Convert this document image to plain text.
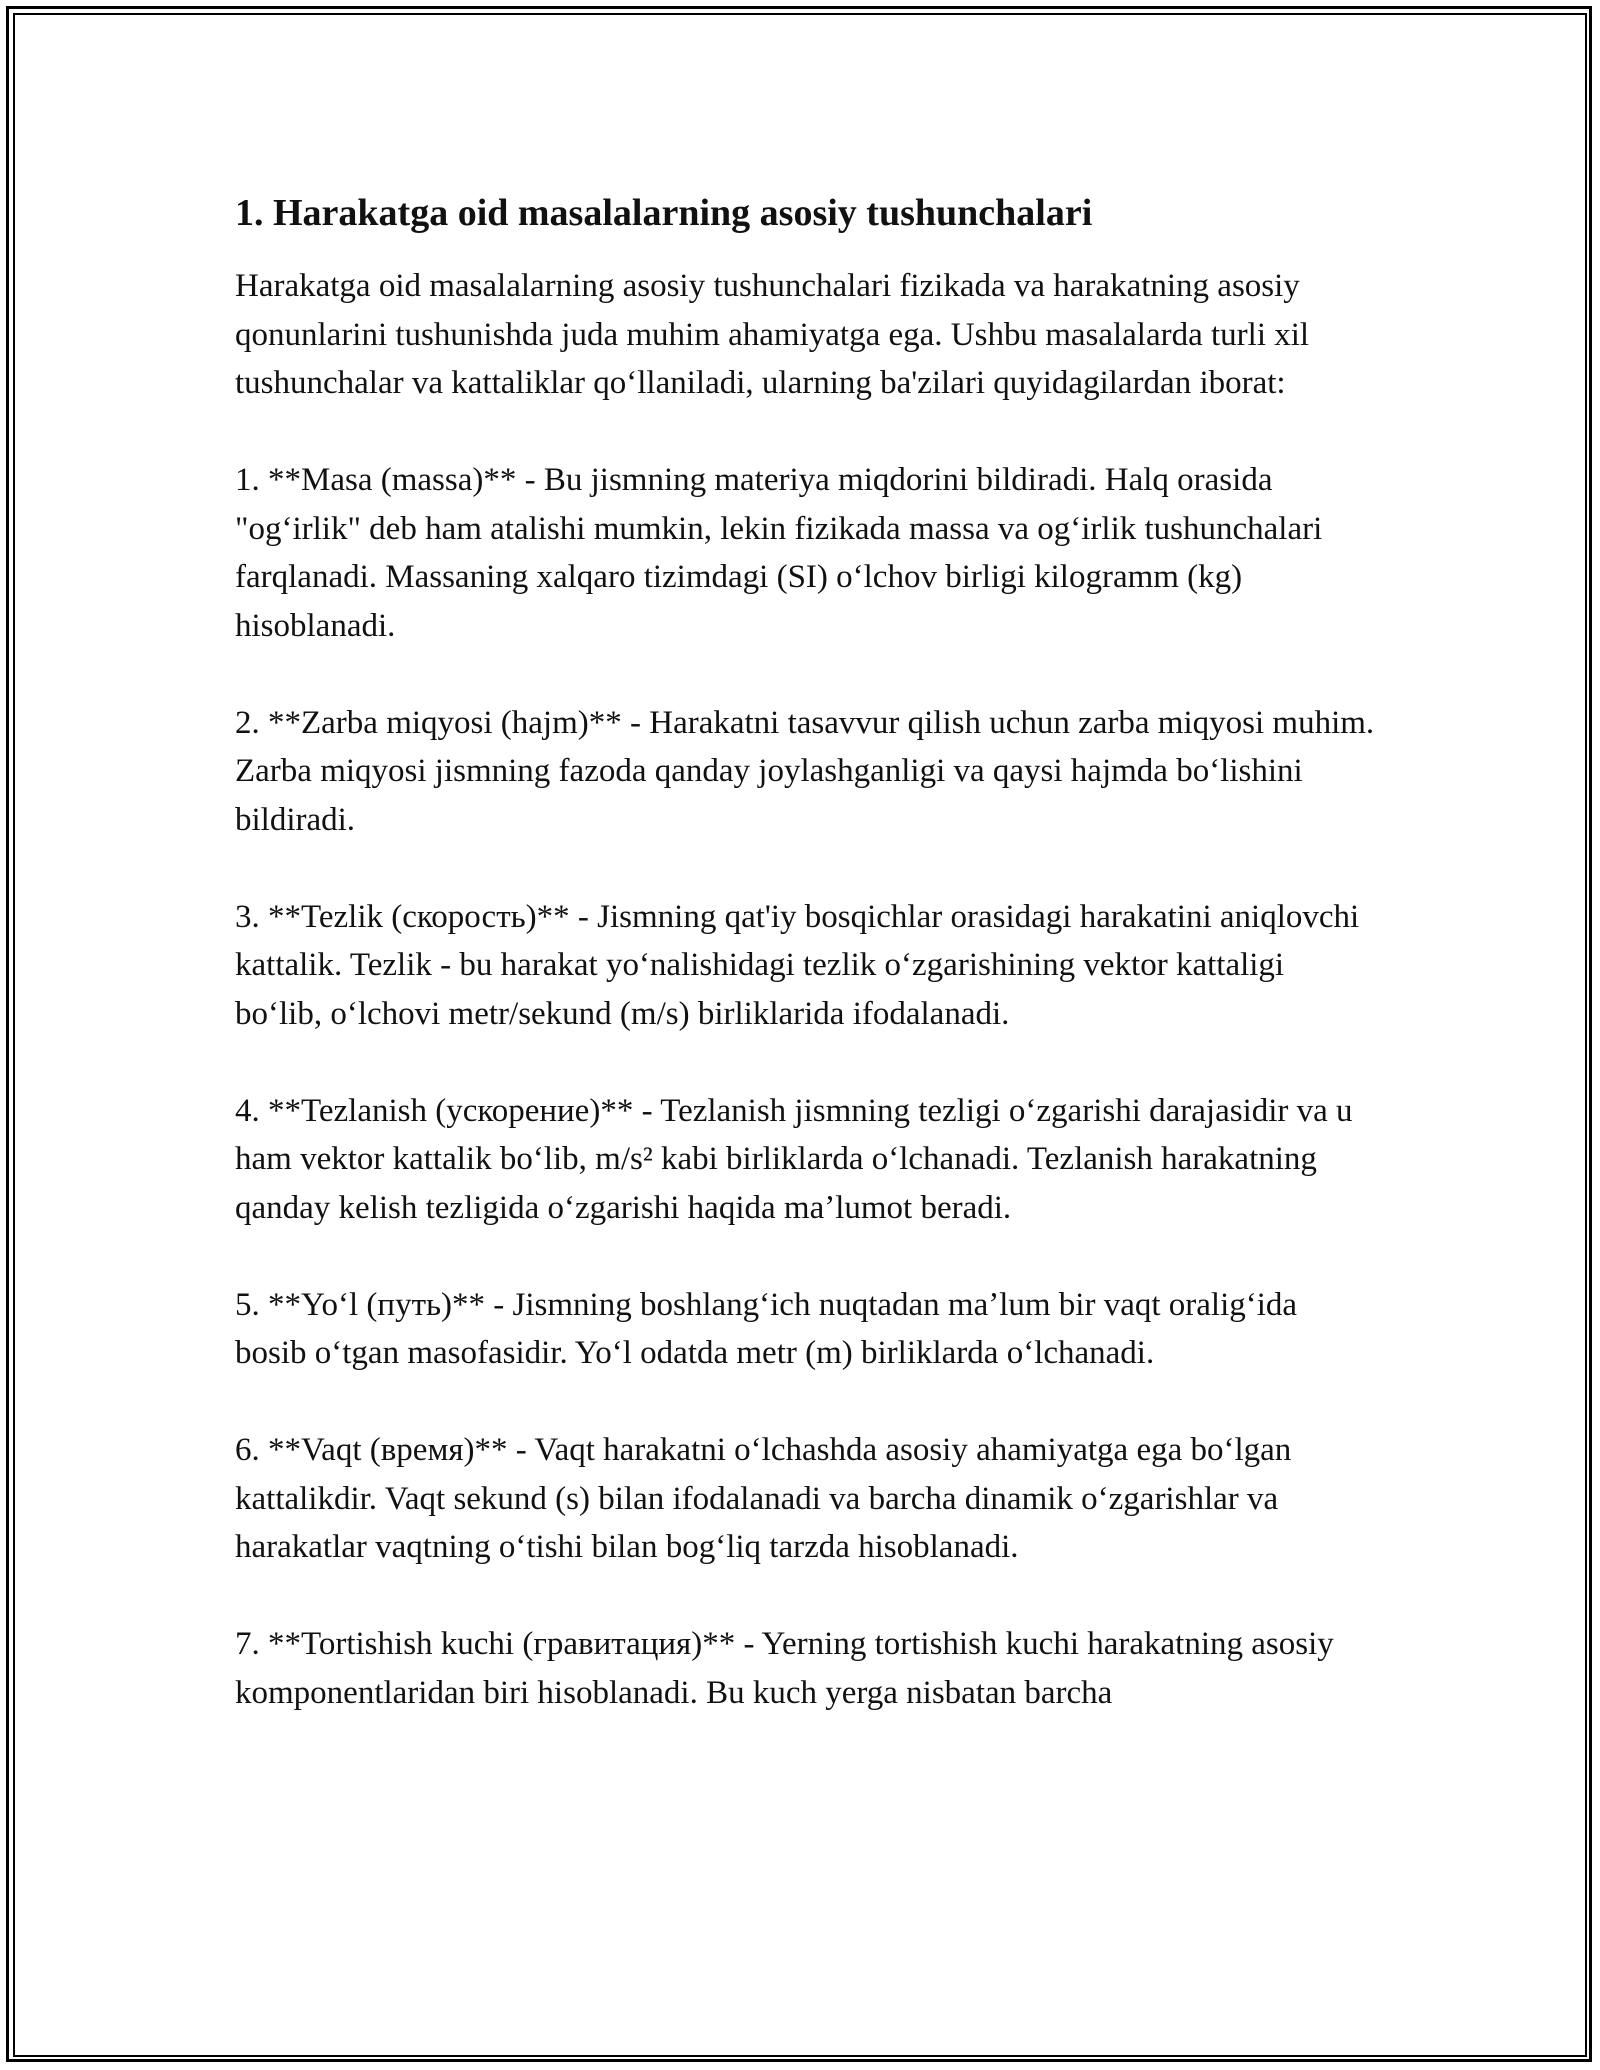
1. Harakatga oid masalalarning asosiy tushunchalari

Harakatga oid masalalarning asosiy tushunchalari fizikada va harakatning asosiy qonunlarini tushunishda juda muhim ahamiyatga ega. Ushbu masalalarda turli xil tushunchalar va kattaliklar qoʻllaniladi, ularning ba'zilari quyidagilardan iborat:

1. **Masa (massa)** - Bu jismning materiya miqdorini bildiradi. Halq orasida "ogʻirlik" deb ham atalishi mumkin, lekin fizikada massa va ogʻirlik tushunchalari farqlanadi. Massaning xalqaro tizimdagi (SI) oʻlchov birligi kilogramm (kg) hisoblanadi.

2. **Zarba miqyosi (hajm)** - Harakatni tasavvur qilish uchun zarba miqyosi muhim. Zarba miqyosi jismning fazoda qanday joylashganligi va qaysi hajmda boʻlishini bildiradi.

3. **Tezlik (скорость)** - Jismning qat'iy bosqichlar orasidagi harakatini aniqlovchi kattalik. Tezlik - bu harakat yoʻnalishidagi tezlik oʻzgarishining vektor kattaligi boʻlib, oʻlchovi metr/sekund (m/s) birliklarida ifodalanadi.

4. **Tezlanish (ускорение)** - Tezlanish jismning tezligi oʻzgarishi darajasidir va u ham vektor kattalik boʻlib, m/s² kabi birliklarda oʻlchanadi. Tezlanish harakatning qanday kelish tezligida oʻzgarishi haqida maʼlumot beradi.

5. **Yoʻl (путь)** - Jismning boshlangʻich nuqtadan maʼlum bir vaqt oraligʻida bosib oʻtgan masofasidir. Yoʻl odatda metr (m) birliklarda oʻlchanadi.

6. **Vaqt (время)** - Vaqt harakatni oʻlchashda asosiy ahamiyatga ega boʻlgan kattalikdir. Vaqt sekund (s) bilan ifodalanadi va barcha dinamik oʻzgarishlar va harakatlar vaqtning oʻtishi bilan bogʻliq tarzda hisoblanadi.

7. **Tortishish kuchi (гравитация)** - Yerning tortishish kuchi harakatning asosiy komponentlaridan biri hisoblanadi. Bu kuch yerga nisbatan barcha
